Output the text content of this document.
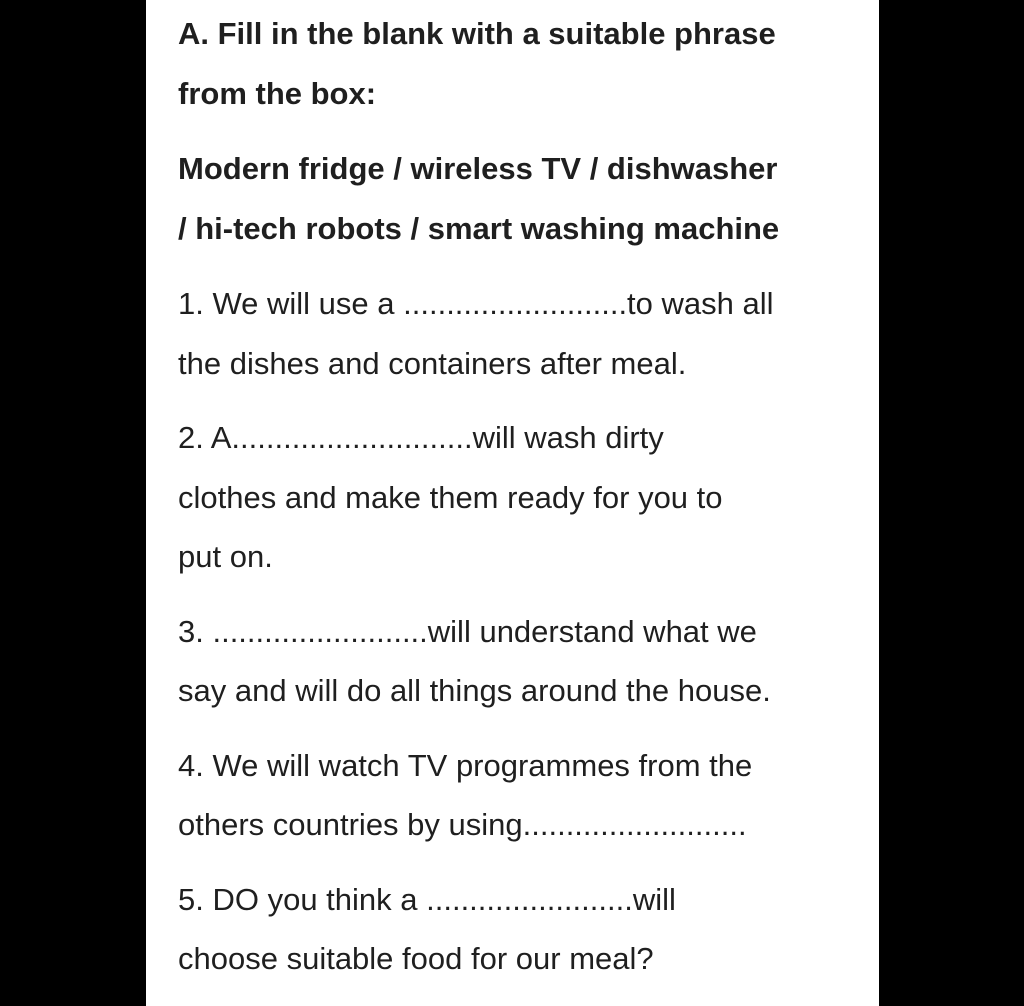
A. Fill in the blank with a suitable phrase
from the box:
Modern fridge / wireless TV / dishwasher
/ hi-tech robots / smart washing machine
1. We will use a ..........................to wash all
the dishes and containers after meal.
2. A............................will wash dirty
clothes and make them ready for you to
put on.
3. .........................will understand what we
say and will do all things around the house.
4. We will watch TV programmes from the
others countries by using..........................
5. DO you think a ........................will
choose suitable food for our meal?
